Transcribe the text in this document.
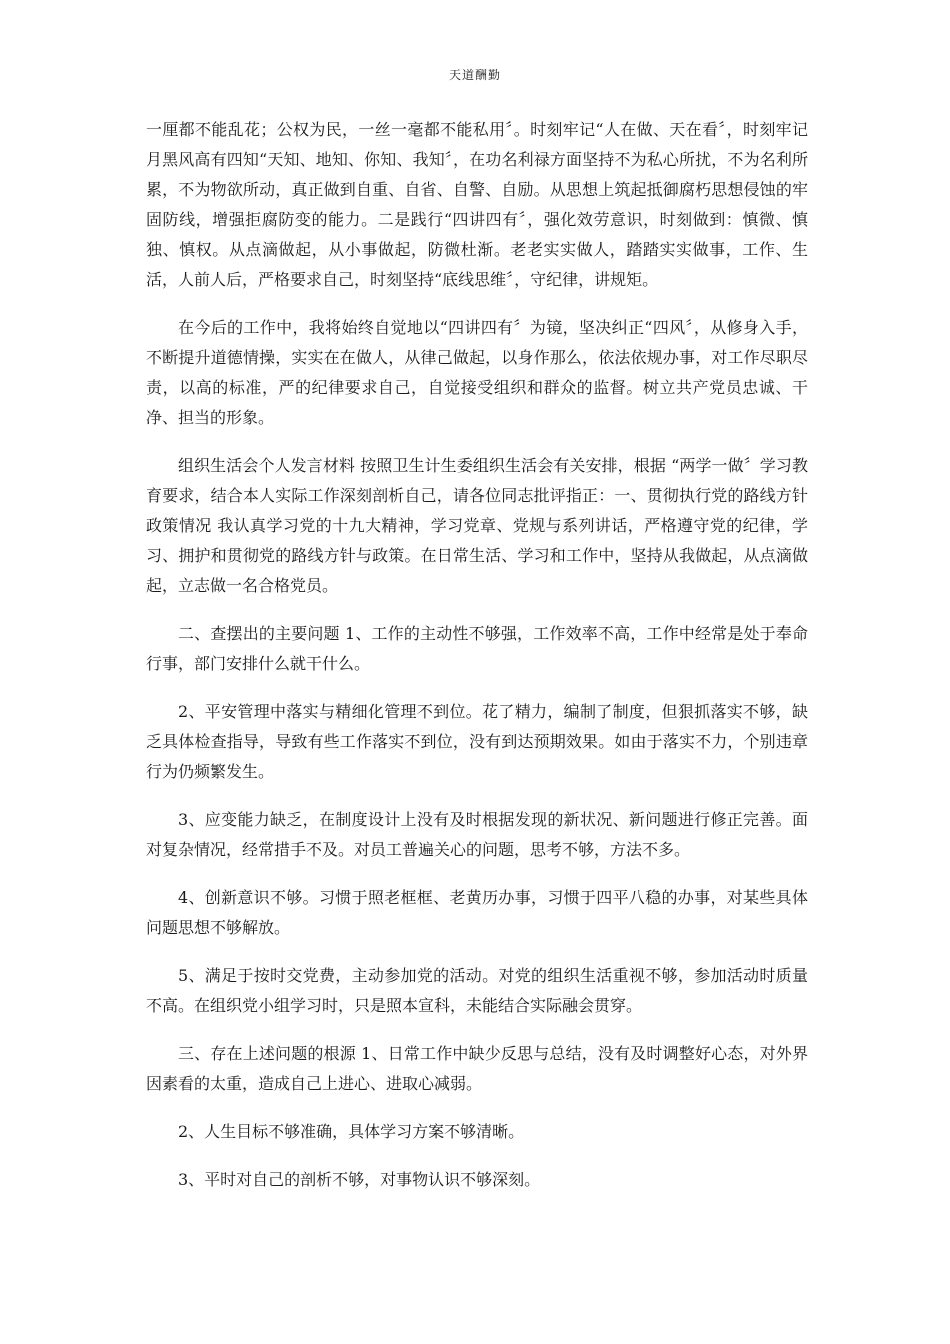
天道酬勤

一厘都不能乱花；公权为民，一丝一毫都不能私用〞。时刻牢记“人在做、天在看〞，时刻牢记月黑风高有四知“天知、地知、你知、我知〞，在功名利禄方面坚持不为私心所扰，不为名利所累，不为物欲所动，真正做到自重、自省、自警、自励。从思想上筑起抵御腐朽思想侵蚀的牢固防线，增强拒腐防变的能力。二是践行“四讲四有〞，强化效劳意识，时刻做到：慎微、慎独、慎权。从点滴做起，从小事做起，防微杜渐。老老实实做人，踏踏实实做事，工作、生活，人前人后，严格要求自己，时刻坚持“底线思维〞，守纪律，讲规矩。

在今后的工作中，我将始终自觉地以“四讲四有〞为镜，坚决纠正“四风〞，从修身入手，不断提升道德情操，实实在在做人，从律己做起，以身作那么，依法依规办事，对工作尽职尽责，以高的标准，严的纪律要求自己，自觉接受组织和群众的监督。树立共产党员忠诚、干净、担当的形象。

组织生活会个人发言材料 按照卫生计生委组织生活会有关安排，根据 “两学一做〞学习教育要求，结合本人实际工作深刻剖析自己，请各位同志批评指正：一、贯彻执行党的路线方针政策情况 我认真学习党的十九大精神，学习党章、党规与系列讲话，严格遵守党的纪律，学习、拥护和贯彻党的路线方针与政策。在日常生活、学习和工作中，坚持从我做起，从点滴做起，立志做一名合格党员。

二、查摆出的主要问题 1、工作的主动性不够强，工作效率不高，工作中经常是处于奉命行事，部门安排什么就干什么。

2、平安管理中落实与精细化管理不到位。花了精力，编制了制度，但狠抓落实不够，缺乏具体检查指导，导致有些工作落实不到位，没有到达预期效果。如由于落实不力，个别违章行为仍频繁发生。

3、应变能力缺乏，在制度设计上没有及时根据发现的新状况、新问题进行修正完善。面对复杂情况，经常措手不及。对员工普遍关心的问题，思考不够，方法不多。

4、创新意识不够。习惯于照老框框、老黄历办事，习惯于四平八稳的办事，对某些具体问题思想不够解放。

5、满足于按时交党费，主动参加党的活动。对党的组织生活重视不够，参加活动时质量不高。在组织党小组学习时，只是照本宣科，未能结合实际融会贯穿。

三、存在上述问题的根源 1、日常工作中缺少反思与总结，没有及时调整好心态，对外界因素看的太重，造成自己上进心、进取心减弱。

2、人生目标不够准确，具体学习方案不够清晰。

3、平时对自己的剖析不够，对事物认识不够深刻。
